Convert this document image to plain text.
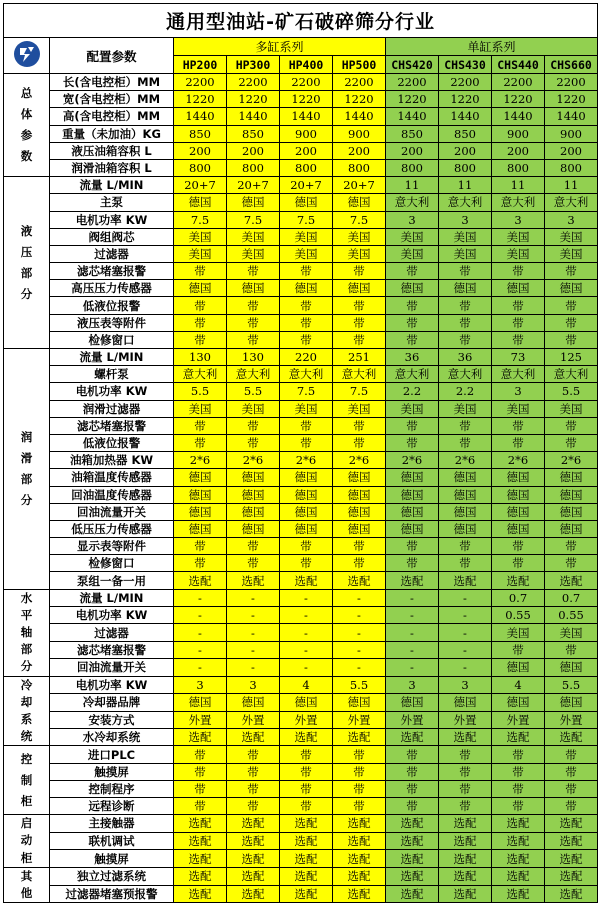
通用型油站-矿石破碎筛分行业									
	配置参数	多缸系列				单缸系列			
		HP200	HP300	HP400	HP500	CHS420	CHS430	CHS440	CHS660

总
体
参
数	长(含电控柜）MM	2200	2200	2200	2200	2200	2200	2200	2200
	宽(含电控柜）MM	1220	1220	1220	1220	1220	1220	1220	1220
	高(含电控柜）MM	1440	1440	1440	1440	1440	1440	1440	1440
	重量（未加油）KG	850	850	900	900	850	850	900	900
	液压油箱容积 L	200	200	200	200	200	200	200	200
	润滑油箱容积 L	800	800	800	800	800	800	800	800

液
压
部
分	流量 L/MIN	20+7	20+7	20+7	20+7	11	11	11	11
	主泵	德国	德国	德国	德国	意大利	意大利	意大利	意大利
	电机功率 KW	7.5	7.5	7.5	7.5	3	3	3	3
	阀组阀芯	美国	美国	美国	美国	美国	美国	美国	美国
	过滤器	美国	美国	美国	美国	美国	美国	美国	美国
	滤芯堵塞报警	带	带	带	带	带	带	带	带
	高压压力传感器	德国	德国	德国	德国	德国	德国	德国	德国
	低液位报警	带	带	带	带	带	带	带	带
	液压表等附件	带	带	带	带	带	带	带	带
	检修窗口	带	带	带	带	带	带	带	带

润
滑
部
分	流量 L/MIN	130	130	220	251	36	36	73	125
	螺杆泵	意大利	意大利	意大利	意大利	意大利	意大利	意大利	意大利
	电机功率 KW	5.5	5.5	7.5	7.5	2.2	2.2	3	5.5
	润滑过滤器	美国	美国	美国	美国	美国	美国	美国	美国
	滤芯堵塞报警	带	带	带	带	带	带	带	带
	低液位报警	带	带	带	带	带	带	带	带
	油箱加热器 KW	2*6	2*6	2*6	2*6	2*6	2*6	2*6	2*6
	油箱温度传感器	德国	德国	德国	德国	德国	德国	德国	德国
	回油温度传感器	德国	德国	德国	德国	德国	德国	德国	德国
	回油流量开关	德国	德国	德国	德国	德国	德国	德国	德国
	低压压力传感器	德国	德国	德国	德国	德国	德国	德国	德国
	显示表等附件	带	带	带	带	带	带	带	带
	检修窗口	带	带	带	带	带	带	带	带
	泵组一备一用	选配	选配	选配	选配	选配	选配	选配	选配

水
平
轴
部
分	流量 L/MIN	-	-	-	-	-	-	0.7	0.7
	电机功率 KW	-	-	-	-	-	-	0.55	0.55
	过滤器	-	-	-	-	-	-	美国	美国
	滤芯堵塞报警	-	-	-	-	-	-	带	带
	回油流量开关	-	-	-	-	-	-	德国	德国

冷
却
系
统	电机功率 KW	3	3	4	5.5	3	3	4	5.5
	冷却器品牌	德国	德国	德国	德国	德国	德国	德国	德国
	安装方式	外置	外置	外置	外置	外置	外置	外置	外置
	水冷却系统	选配	选配	选配	选配	选配	选配	选配	选配

控
制
柜	进口PLC	带	带	带	带	带	带	带	带
	触摸屏	带	带	带	带	带	带	带	带
	控制程序	带	带	带	带	带	带	带	带
	远程诊断	带	带	带	带	带	带	带	带

启
动
柜	主接触器	选配	选配	选配	选配	选配	选配	选配	选配
	联机调试	选配	选配	选配	选配	选配	选配	选配	选配
	触摸屏	选配	选配	选配	选配	选配	选配	选配	选配

其
他	独立过滤系统	选配	选配	选配	选配	选配	选配	选配	选配
	过滤器堵塞预报警	选配	选配	选配	选配	选配	选配	选配	选配
